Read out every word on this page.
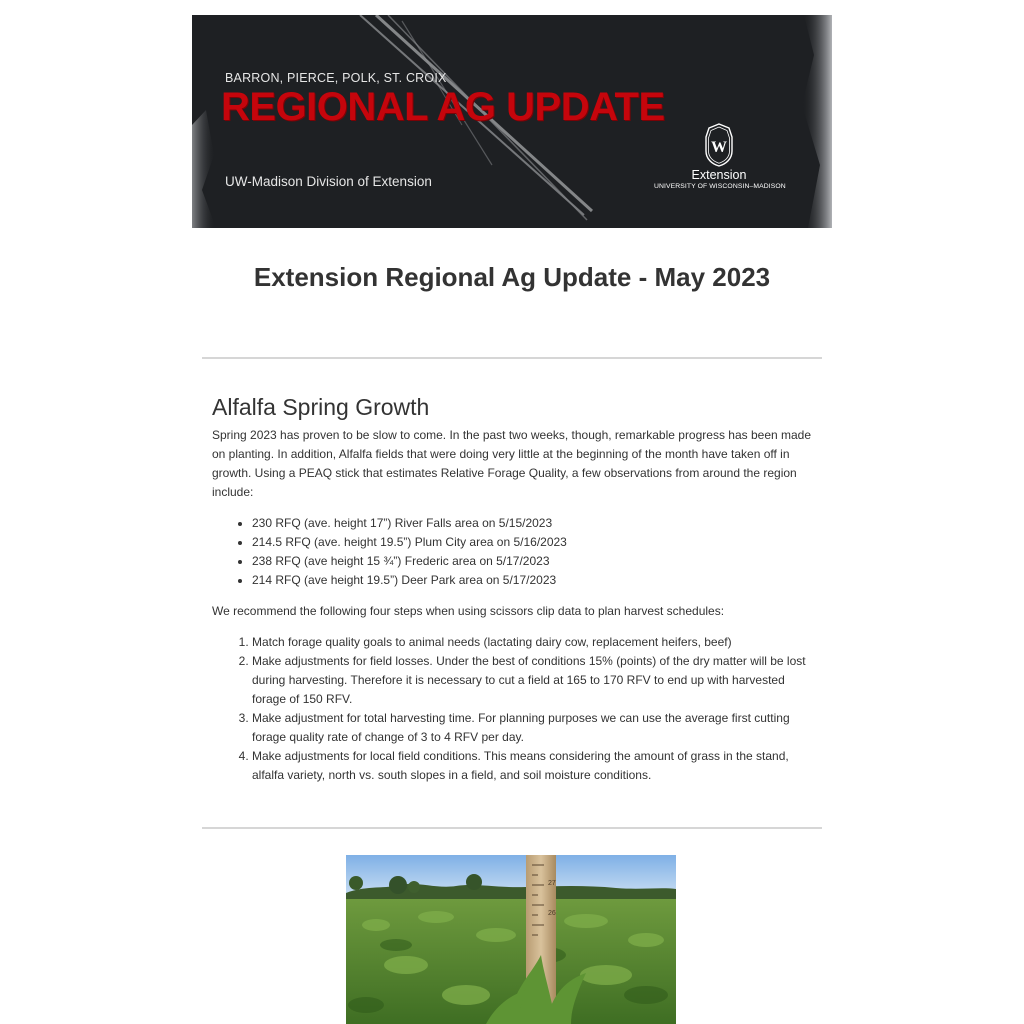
BARRON, PIERCE, POLK, ST. CROIX
REGIONAL AG UPDATE
UW-Madison Division of Extension
W
Extension
UNIVERSITY OF WISCONSIN–MADISON
Extension Regional Ag Update - May 2023
Alfalfa Spring Growth

Spring 2023 has proven to be slow to come. In the past two weeks, though, remarkable progress has been made on planting. In addition, Alfalfa fields that were doing very little at the beginning of the month have taken off in growth. Using a PEAQ stick that estimates Relative Forage Quality, a few observations from around the region include:

• 230 RFQ (ave. height 17”) River Falls area on 5/15/2023
• 214.5 RFQ (ave. height 19.5”) Plum City area on 5/16/2023
• 238 RFQ (ave height 15 ¾”) Frederic area on 5/17/2023
• 214 RFQ (ave height 19.5”) Deer Park area on 5/17/2023

We recommend the following four steps when using scissors clip data to plan harvest schedules:

1. Match forage quality goals to animal needs (lactating dairy cow, replacement heifers, beef)
2. Make adjustments for field losses. Under the best of conditions 15% (points) of the dry matter will be lost during harvesting. Therefore it is necessary to cut a field at 165 to 170 RFV to end up with harvested forage of 150 RFV.
3. Make adjustment for total harvesting time. For planning purposes we can use the average first cutting forage quality rate of change of 3 to 4 RFV per day.
4. Make adjustments for local field conditions. This means considering the amount of grass in the stand, alfalfa variety, north vs. south slopes in a field, and soil moisture conditions.
27
26
